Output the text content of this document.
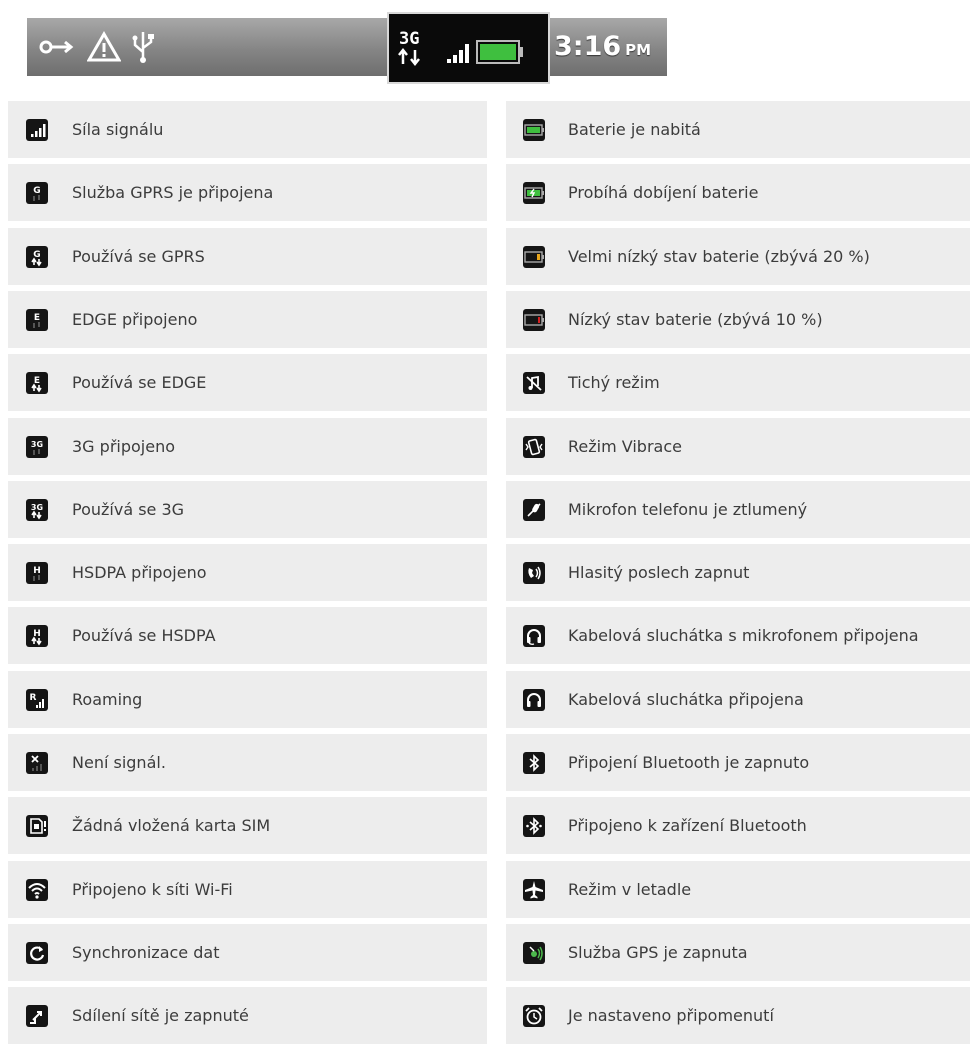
3G	3:16 PM
Síla signálu
G Služba GPRS je připojena
G Používá se GPRS
E EDGE připojeno
E Používá se EDGE
3G 3G připojeno
3G Používá se 3G
H HSDPA připojeno
H Používá se HSDPA
R Roaming
Není signál.
Žádná vložená karta SIM
Připojeno k síti Wi-Fi
Synchronizace dat
Sdílení sítě je zapnuté
Baterie je nabitá
Probíhá dobíjení baterie
Velmi nízký stav baterie (zbývá 20 %)
Nízký stav baterie (zbývá 10 %)
Tichý režim
Režim Vibrace
Mikrofon telefonu je ztlumený
Hlasitý poslech zapnut
Kabelová sluchátka s mikrofonem připojena
Kabelová sluchátka připojena
Připojení Bluetooth je zapnuto
Připojeno k zařízení Bluetooth
Režim v letadle
Služba GPS je zapnuta
Je nastaveno připomenutí
